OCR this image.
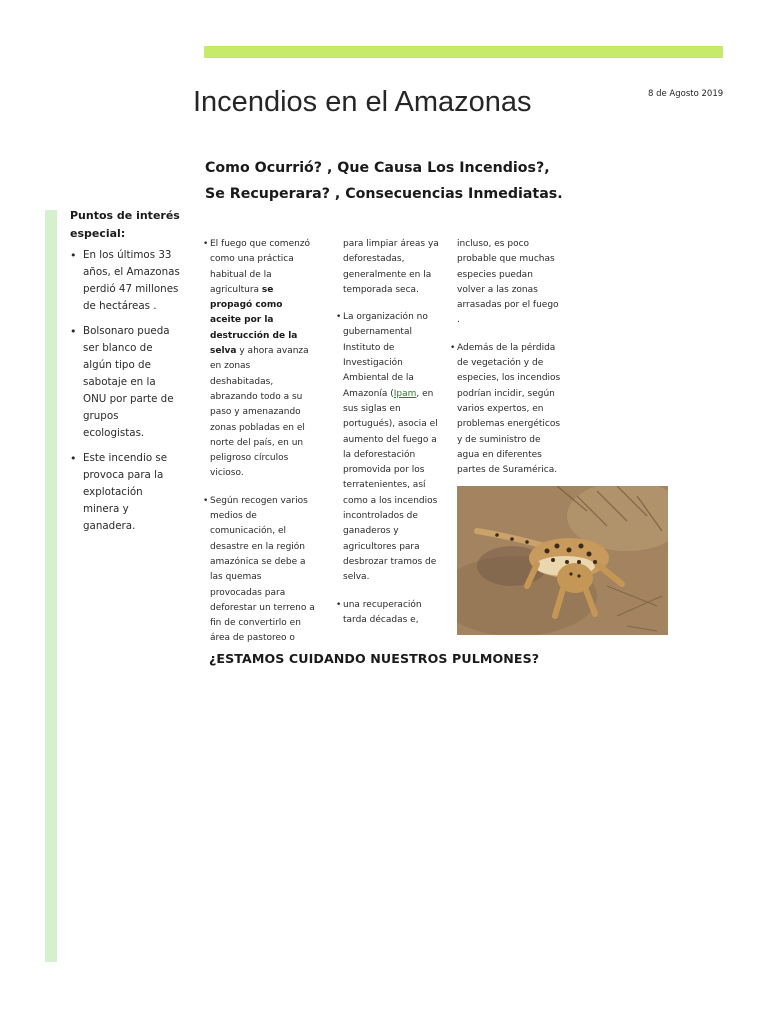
8 de Agosto 2019
Incendios en el Amazonas
Como Ocurrió? , Que Causa Los Incendios?,
Se Recuperara? , Consecuencias Inmediatas.
Puntos de interés especial:
• En los últimos 33 años, el Amazonas perdió 47 millones de hectáreas .
• Bolsonaro pueda ser blanco de algún tipo de sabotaje en la ONU por parte de grupos ecologistas.
• Este incendio se provoca para la explotación minera y ganadera.

• El fuego que comenzó como una práctica habitual de la agricultura se propagó como aceite por la destrucción de la selva y ahora avanza en zonas deshabitadas, abrazando todo a su paso y amenazando zonas pobladas en el norte del país, en un peligroso círculos vicioso.

• Según recogen varios medios de comunicación, el desastre en la región amazónica se debe a las quemas provocadas para deforestar un terreno a fin de convertirlo en área de pastoreo o

para limpiar áreas ya deforestadas, generalmente en la temporada seca.

• La organización no gubernamental Instituto de Investigación Ambiental de la Amazonía (Ipam, en sus siglas en portugués), asocia el aumento del fuego a la deforestación promovida por los terratenientes, así como a los incendios incontrolados de ganaderos y agricultores para desbrozar tramos de selva.

• una recuperación tarda décadas e,

incluso, es poco probable que muchas especies puedan volver a las zonas arrasadas por el fuego .

• Además de la pérdida de vegetación y de especies, los incendios podrían incidir, según varios expertos, en problemas energéticos y de suministro de agua en diferentes partes de Suramérica.

¿ESTAMOS CUIDANDO NUESTROS PULMONES?
